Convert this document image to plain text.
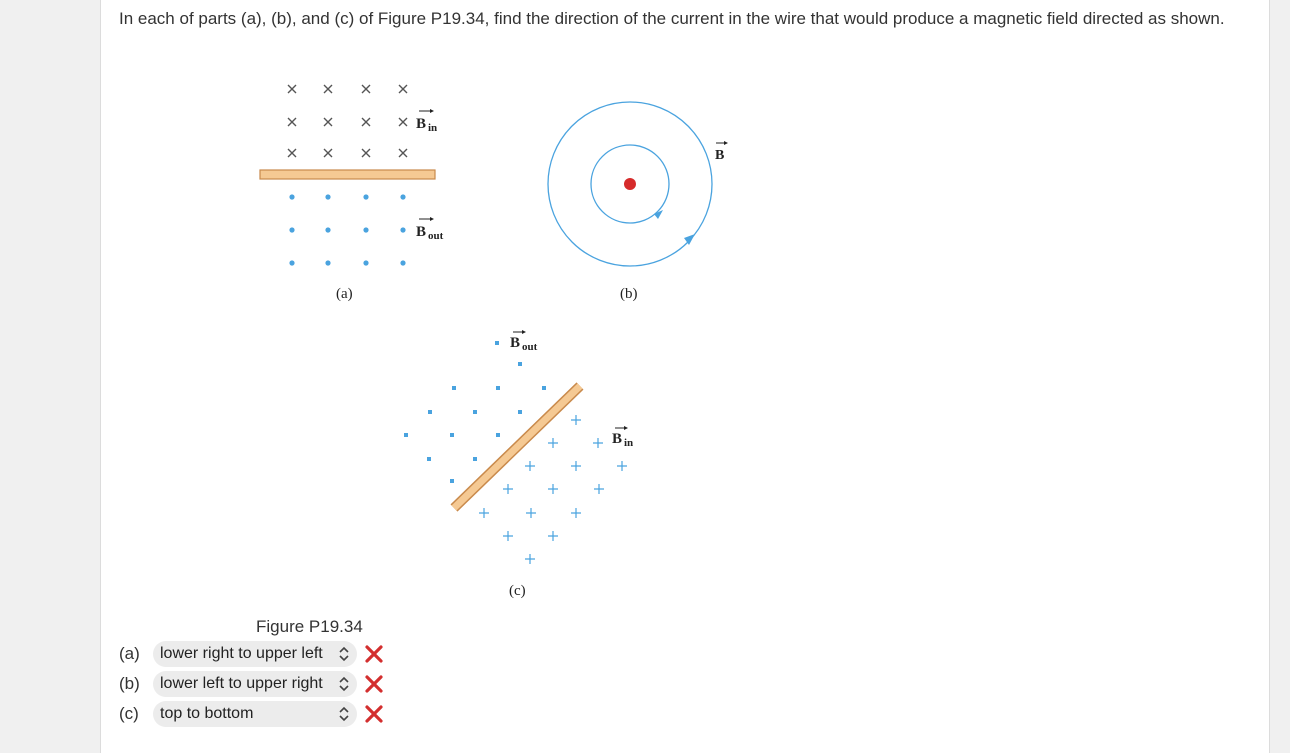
In each of parts (a), (b), and (c) of Figure P19.34, find the direction of the current in the wire that would produce a magnetic field directed as shown.

B in
B out
(a)
B
(b)
B out
B in
(c)
Figure P19.34
(a)	lower right to upper left
(b)	lower left to upper right
(c)	top to bottom
